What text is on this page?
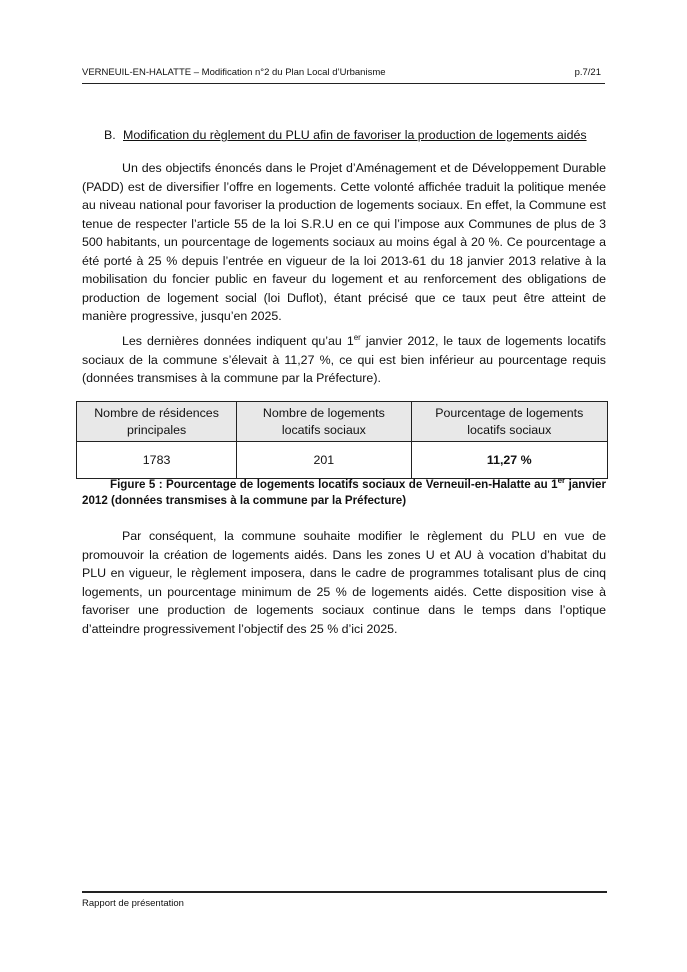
VERNEUIL-EN-HALATTE – Modification n°2 du Plan Local d’Urbanisme	p.7/21
B. Modification du règlement du PLU afin de favoriser la production de logements aidés

Un des objectifs énoncés dans le Projet d’Aménagement et de Développement Durable (PADD) est de diversifier l’offre en logements. Cette volonté affichée traduit la politique menée au niveau national pour favoriser la production de logements sociaux. En effet, la Commune est tenue de respecter l’article 55 de la loi S.R.U en ce qui l’impose aux Communes de plus de 3 500 habitants, un pourcentage de logements sociaux au moins égal à 20 %. Ce pourcentage a été porté à 25 % depuis l’entrée en vigueur de la loi 2013-61 du 18 janvier 2013 relative à la mobilisation du foncier public en faveur du logement et au renforcement des obligations de production de logement social (loi Duflot), étant précisé que ce taux peut être atteint de manière progressive, jusqu’en 2025.

Les dernières données indiquent qu’au 1er janvier 2012, le taux de logements locatifs sociaux de la commune s’élevait à 11,27 %, ce qui est bien inférieur au pourcentage requis (données transmises à la commune par la Préfecture).

Nombre de résidences principales	Nombre de logements locatifs sociaux	Pourcentage de logements locatifs sociaux
1783	201	11,27 %

Figure 5 : Pourcentage de logements locatifs sociaux de Verneuil-en-Halatte au 1er janvier 2012 (données transmises à la commune par la Préfecture)

Par conséquent, la commune souhaite modifier le règlement du PLU en vue de promouvoir la création de logements aidés. Dans les zones U et AU à vocation d’habitat du PLU en vigueur, le règlement imposera, dans le cadre de programmes totalisant plus de cinq logements, un pourcentage minimum de 25 % de logements aidés. Cette disposition vise à favoriser une production de logements sociaux continue dans le temps dans l’optique d’atteindre progressivement l’objectif des 25 % d’ici 2025.

Rapport de présentation
